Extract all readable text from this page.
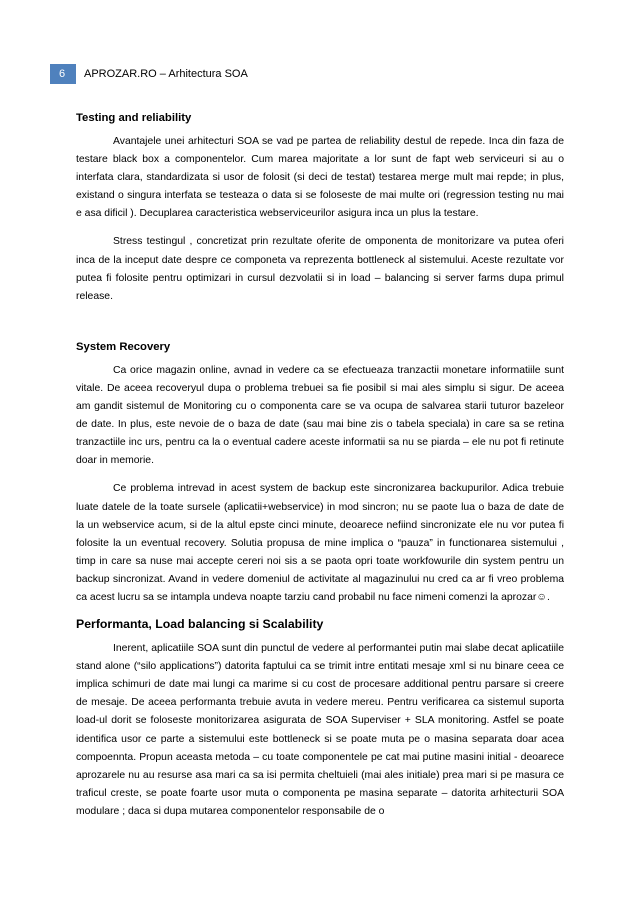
6	APROZAR.RO – Arhitectura SOA
Testing and reliability

Avantajele unei arhitecturi SOA se vad pe partea de reliability destul de repede. Inca din faza de testare black box a componentelor. Cum marea majoritate a lor sunt de fapt web serviceuri si au o interfata clara, standardizata si usor de folosit (si deci de testat) testarea merge mult mai repde; in plus, existand o singura interfata se testeaza o data si se foloseste de mai multe ori (regression testing nu mai e asa dificil ). Decuplarea caracteristica webserviceurilor asigura inca un plus la testare.

Stress testingul , concretizat prin rezultate oferite de omponenta de monitorizare va putea oferi inca de la inceput date despre ce componeta va reprezenta bottleneck al sistemului. Aceste rezultate vor putea fi folosite pentru optimizari in cursul dezvolatii si in load – balancing si server farms dupa primul release.

System Recovery

Ca orice magazin online, avnad in vedere ca se efectueaza tranzactii monetare informatiile sunt vitale. De aceea recoveryul dupa o problema trebuei sa fie posibil si mai ales simplu si sigur. De aceea am gandit sistemul de Monitoring cu o componenta care se va ocupa de salvarea starii tuturor bazeleor de date. In plus, este nevoie de o baza de date (sau mai bine zis o tabela speciala) in care sa se retina tranzactiile inc urs, pentru ca la o eventual cadere aceste informatii sa nu se piarda – ele nu pot fi retinute doar in memorie.

Ce problema intrevad in acest system de backup este sincronizarea backupurilor. Adica trebuie luate datele de la toate sursele (aplicatii+webservice) in mod sincron; nu se paote lua o baza de date de la un webservice acum, si de la altul epste cinci minute, deoarece nefiind sincronizate ele nu vor putea fi folosite la un eventual recovery. Solutia propusa de mine implica o “pauza” in functionarea sistemului , timp in care sa nuse mai accepte cereri noi sis a se paota opri toate workfowurile din system pentru un backup sincronizat. Avand in vedere domeniul de activitate al magazinului nu cred ca ar fi vreo problema ca acest lucru sa se intampla undeva noapte tarziu cand probabil nu face nimeni comenzi la aprozar☺.

Performanta, Load balancing si Scalability

Inerent, aplicatiile SOA sunt din punctul de vedere al performantei putin mai slabe decat aplicatiile stand alone (“silo applications”) datorita faptului ca se trimit intre entitati mesaje xml si nu binare ceea ce implica schimuri de date mai lungi ca marime si cu cost de procesare additional pentru parsare si creere de mesaje. De aceea performanta trebuie avuta in vedere mereu. Pentru verificarea ca sistemul suporta load-ul dorit se foloseste monitorizarea asigurata de SOA Superviser + SLA monitoring. Astfel se poate identifica usor ce parte a sistemului este bottleneck si se poate muta pe o masina separata doar acea compoennta. Propun aceasta metoda – cu toate componentele pe cat mai putine masini initial - deoarece aprozarele nu au resurse asa mari ca sa isi permita cheltuieli (mai ales initiale) prea mari si pe masura ce traficul creste, se poate foarte usor muta o componenta pe masina separate – datorita arhitecturii SOA modulare ; daca si dupa mutarea componentelor responsabile de o
